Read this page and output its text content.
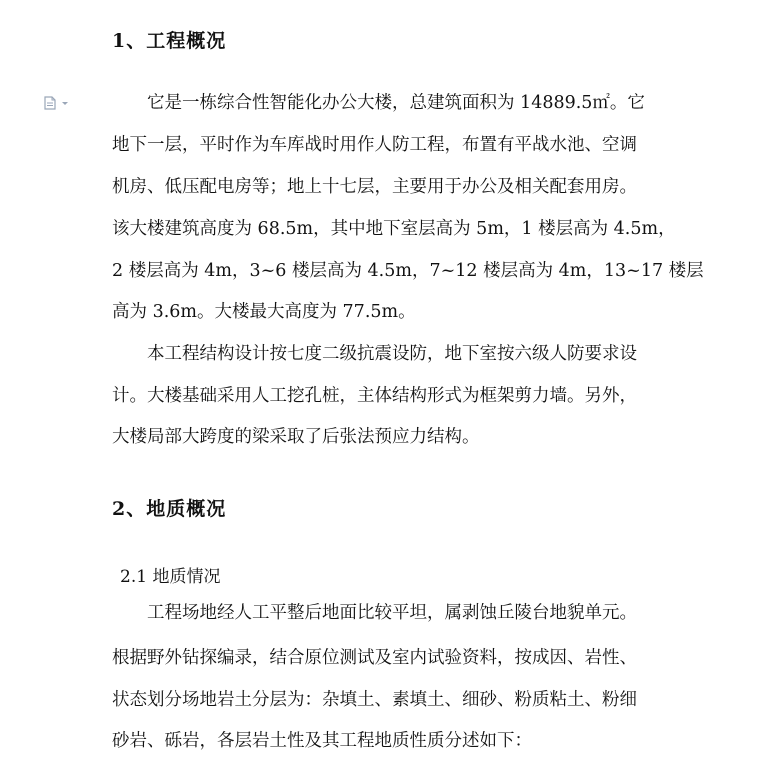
1、工程概况
它是一栋综合性智能化办公大楼，总建筑面积为 14889.5㎡。它
地下一层，平时作为车库战时用作人防工程，布置有平战水池、空调
机房、低压配电房等；地上十七层，主要用于办公及相关配套用房。
该大楼建筑高度为 68.5m，其中地下室层高为 5m，1 楼层高为 4.5m，
2 楼层高为 4m，3~6 楼层高为 4.5m，7~12 楼层高为 4m，13~17 楼层
高为 3.6m。大楼最大高度为 77.5m。
本工程结构设计按七度二级抗震设防，地下室按六级人防要求设
计。大楼基础采用人工挖孔桩，主体结构形式为框架剪力墙。另外，
大楼局部大跨度的梁采取了后张法预应力结构。
2、地质概况
2.1 地质情况
工程场地经人工平整后地面比较平坦，属剥蚀丘陵台地貌单元。
根据野外钻探编录，结合原位测试及室内试验资料，按成因、岩性、
状态划分场地岩土分层为：杂填土、素填土、细砂、粉质粘土、粉细
砂岩、砾岩，各层岩土性及其工程地质性质分述如下：
